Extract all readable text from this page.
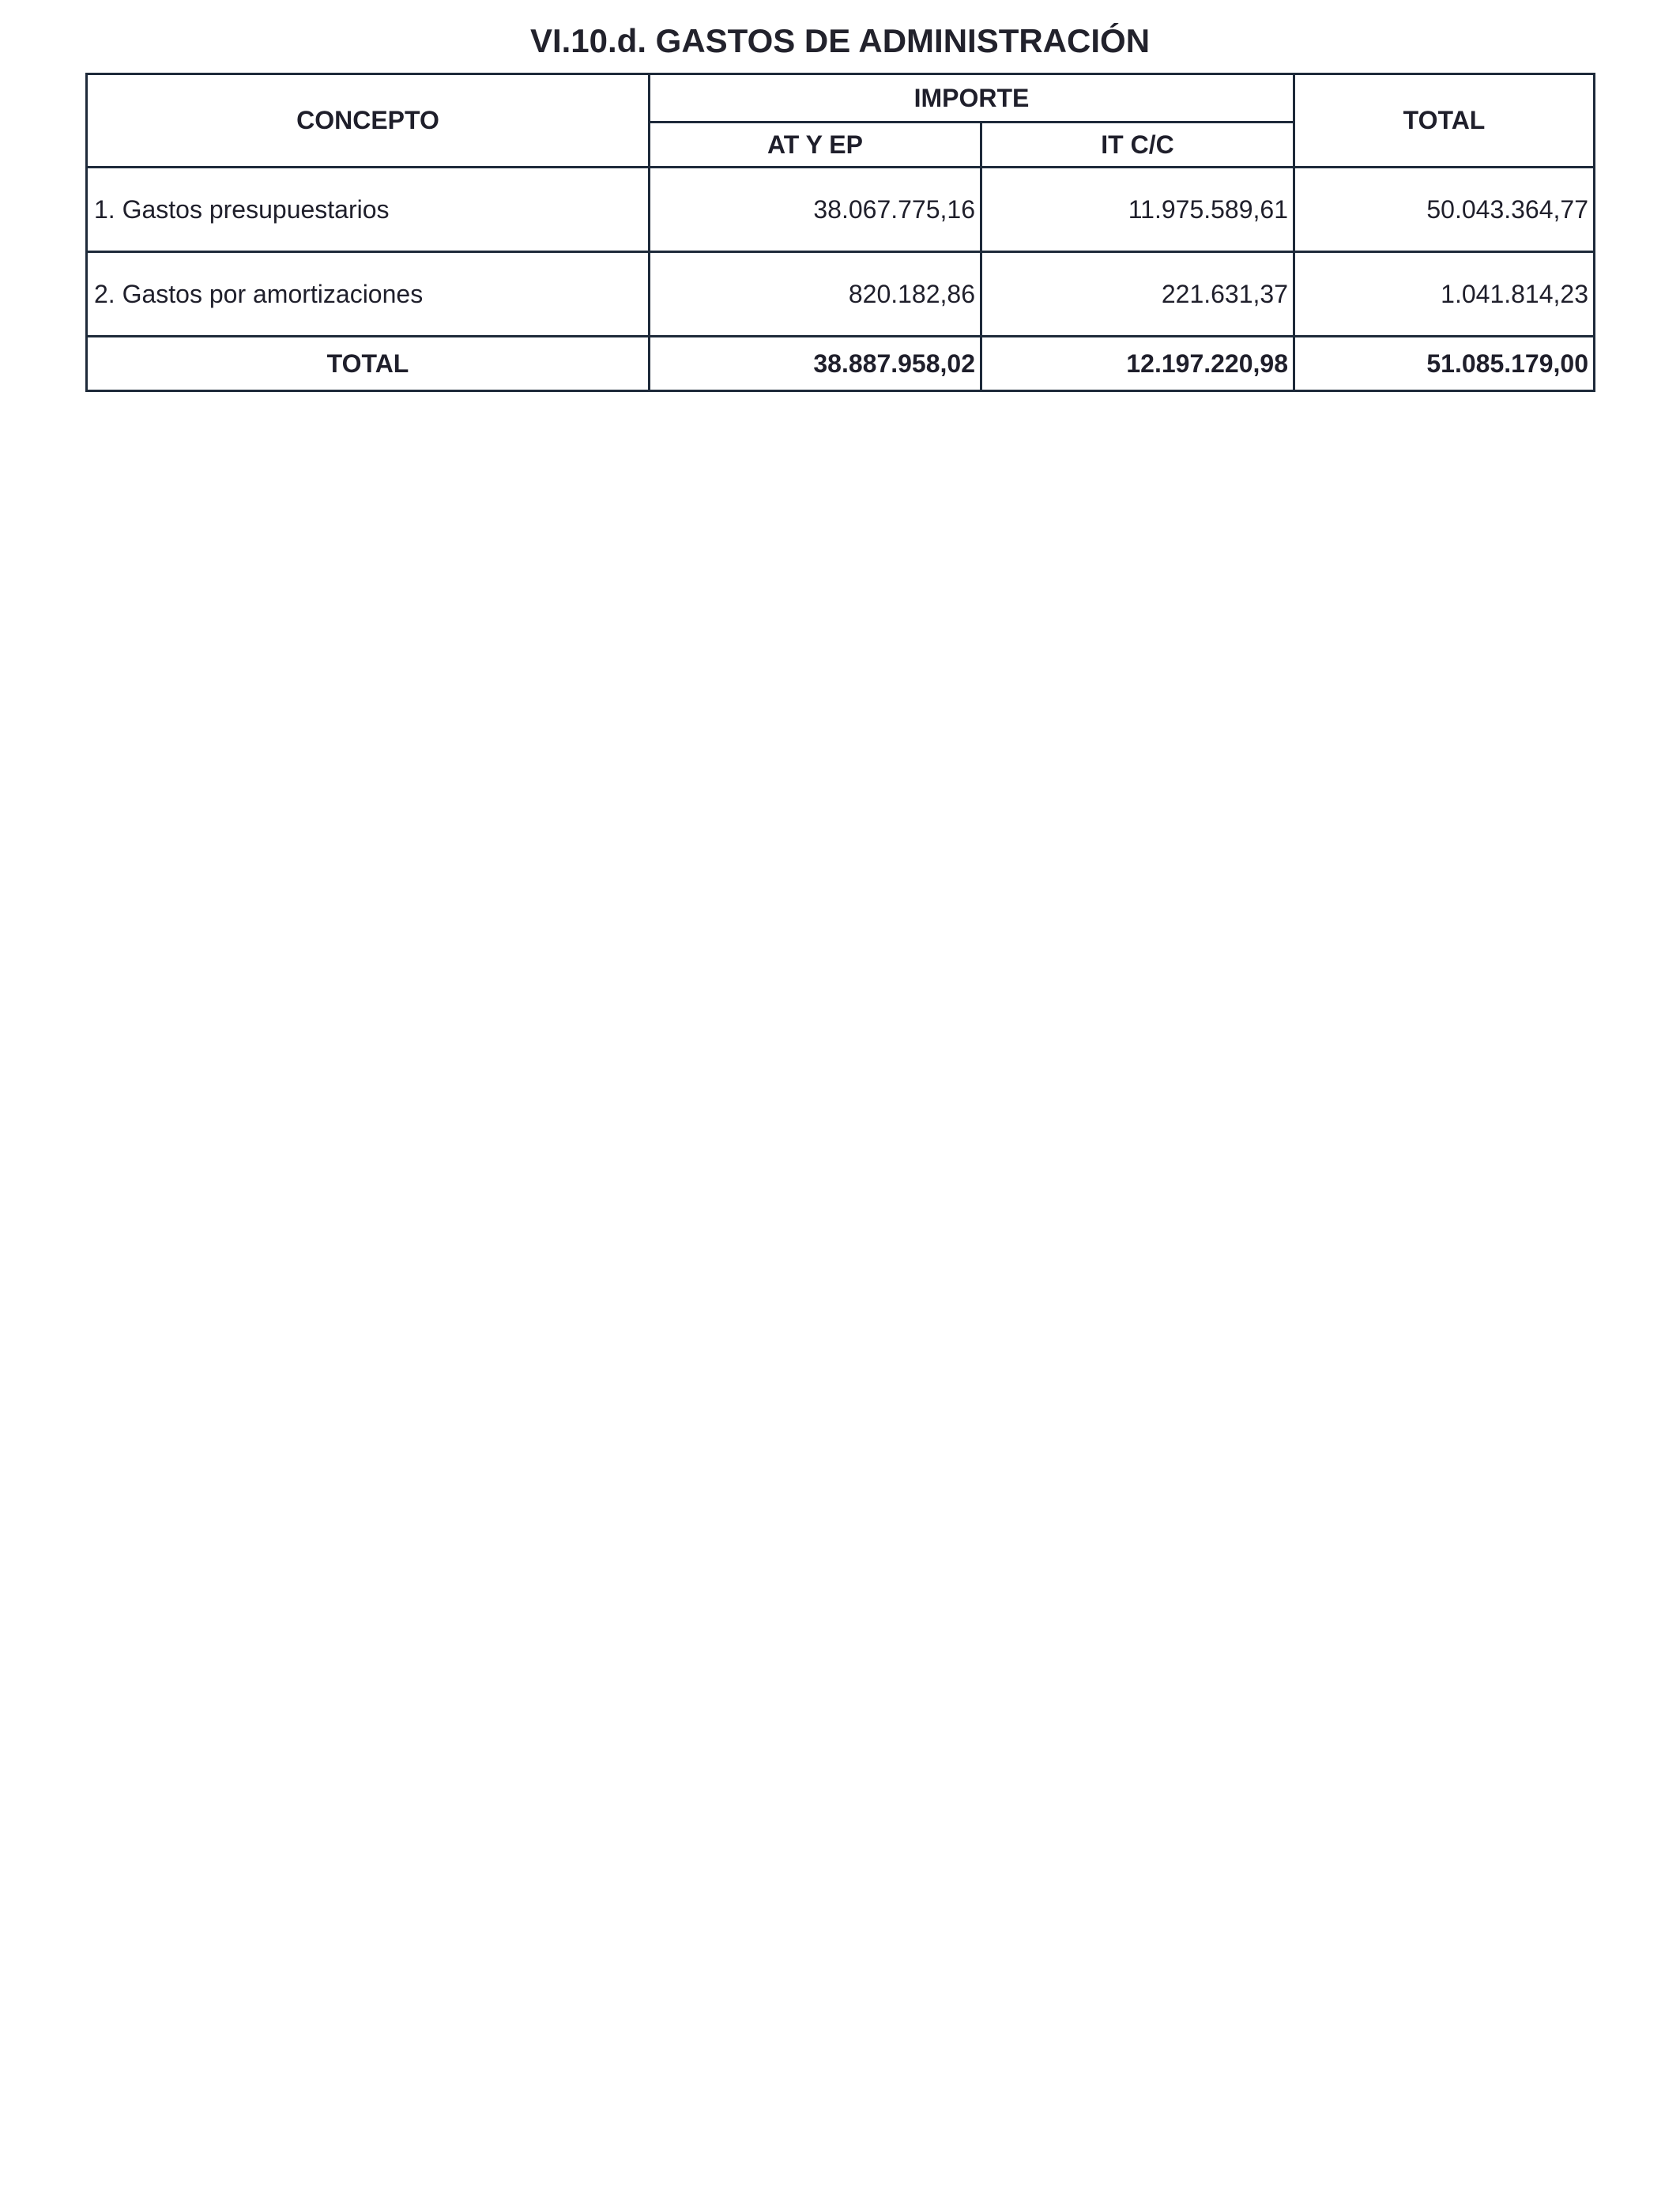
VI.10.d. GASTOS DE ADMINISTRACIÓN
CONCEPTO	IMPORTE		TOTAL
	AT Y EP	IT C/C	
1. Gastos presupuestarios	38.067.775,16	11.975.589,61	50.043.364,77
2. Gastos por amortizaciones	820.182,86	221.631,37	1.041.814,23
TOTAL	38.887.958,02	12.197.220,98	51.085.179,00
